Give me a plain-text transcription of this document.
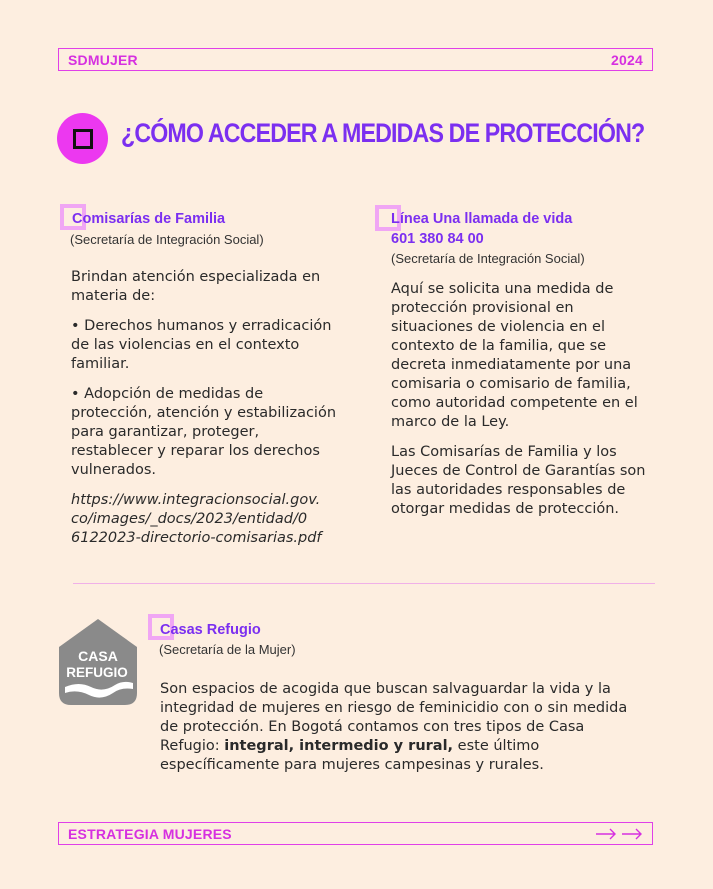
SDMUJER	2024
¿CÓMO ACCEDER A MEDIDAS DE PROTECCIÓN?
Comisarías de Familia
(Secretaría de Integración Social)

Brindan atención especializada en materia de:

• Derechos humanos y erradicación de las violencias en el contexto familiar.

• Adopción de medidas de protección, atención y estabilización para garantizar, proteger, restablecer y reparar los derechos vulnerados.

https://www.integracionsocial.gov.
co/images/_docs/2023/entidad/0
6122023-directorio-comisarias.pdf

Línea Una llamada de vida
601 380 84 00
(Secretaría de Integración Social)

Aquí se solicita una medida de protección provisional en situaciones de violencia en el contexto de la familia, que se decreta inmediatamente por una comisaria o comisario de familia, como autoridad competente en el marco de la Ley.

Las Comisarías de Familia y los Jueces de Control de Garantías son las autoridades responsables de otorgar medidas de protección.

CASA
REFUGIO
Casas Refugio
(Secretaría de la Mujer)

Son espacios de acogida que buscan salvaguardar la vida y la integridad de mujeres en riesgo de feminicidio con o sin medida de protección. En Bogotá contamos con tres tipos de Casa Refugio: integral, intermedio y rural, este último específicamente para mujeres campesinas y rurales.

ESTRATEGIA MUJERES
